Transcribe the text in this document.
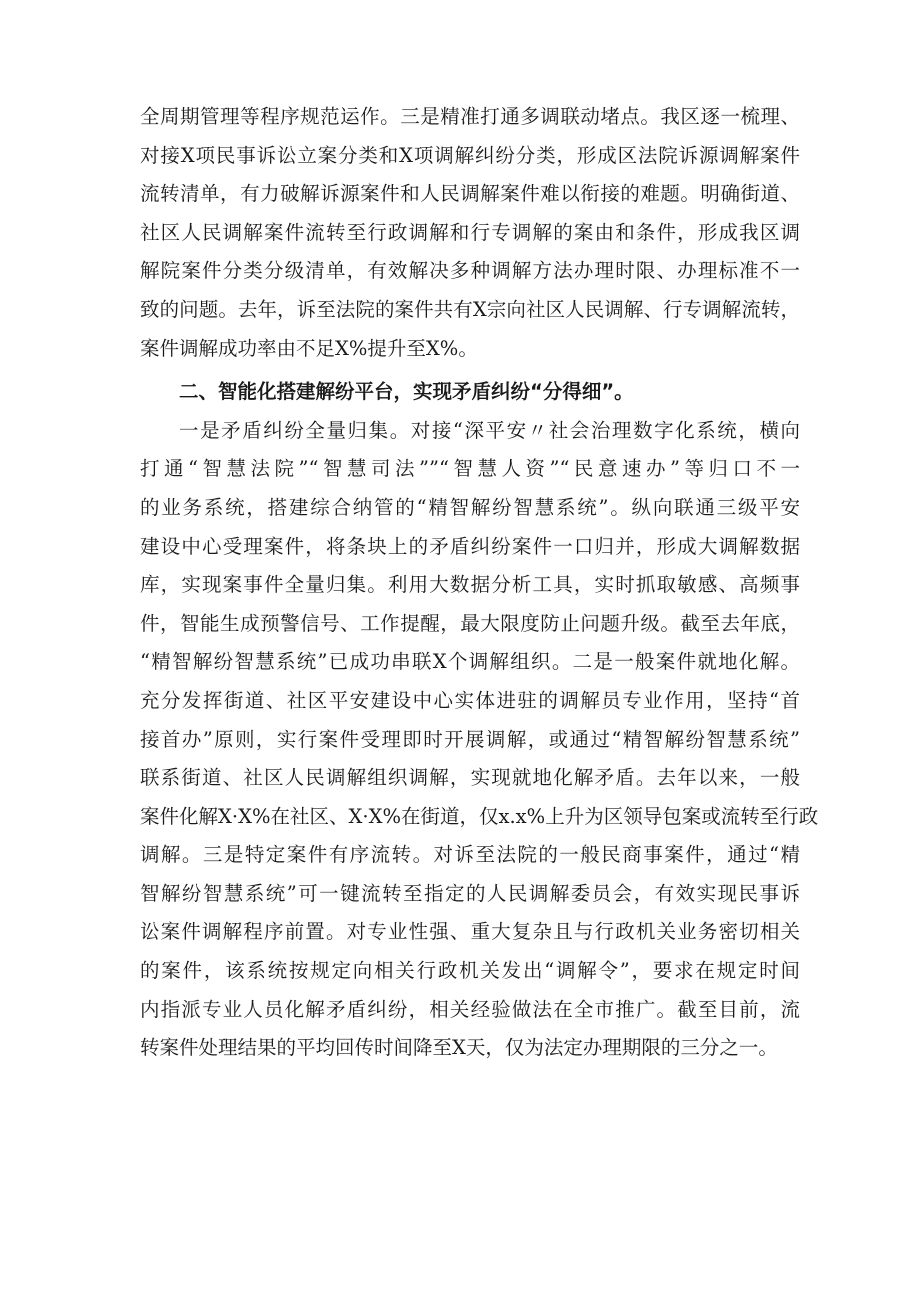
全周期管理等程序规范运作。三是精准打通多调联动堵点。我区逐一梳理、
对接X项民事诉讼立案分类和X项调解纠纷分类，形成区法院诉源调解案件
流转清单，有力破解诉源案件和人民调解案件难以衔接的难题。明确街道、
社区人民调解案件流转至行政调解和行专调解的案由和条件，形成我区调
解院案件分类分级清单，有效解决多种调解方法办理时限、办理标准不一
致的问题。去年，诉至法院的案件共有X宗向社区人民调解、行专调解流转，
案件调解成功率由不足X%提升至X%。
二、智能化搭建解纷平台，实现矛盾纠纷“分得细”。
一是矛盾纠纷全量归集。对接“深平安〃社会治理数字化系统，横向
打通“智慧法院”“智慧司法””“智慧人资”“民意速办”等归口不一
的业务系统，搭建综合纳管的“精智解纷智慧系统”。纵向联通三级平安
建设中心受理案件，将条块上的矛盾纠纷案件一口归并，形成大调解数据
库，实现案事件全量归集。利用大数据分析工具，实时抓取敏感、高频事
件，智能生成预警信号、工作提醒，最大限度防止问题升级。截至去年底，
“精智解纷智慧系统”已成功串联X个调解组织。二是一般案件就地化解。
充分发挥街道、社区平安建设中心实体进驻的调解员专业作用，坚持“首
接首办”原则，实行案件受理即时开展调解，或通过“精智解纷智慧系统”
联系街道、社区人民调解组织调解，实现就地化解矛盾。去年以来，一般
案件化解X·X%在社区、X·X%在街道，仅x.x%上升为区领导包案或流转至行政
调解。三是特定案件有序流转。对诉至法院的一般民商事案件，通过“精
智解纷智慧系统”可一键流转至指定的人民调解委员会，有效实现民事诉
讼案件调解程序前置。对专业性强、重大复杂且与行政机关业务密切相关
的案件，该系统按规定向相关行政机关发出“调解令”，要求在规定时间
内指派专业人员化解矛盾纠纷，相关经验做法在全市推广。截至目前，流
转案件处理结果的平均回传时间降至X天，仅为法定办理期限的三分之一。
